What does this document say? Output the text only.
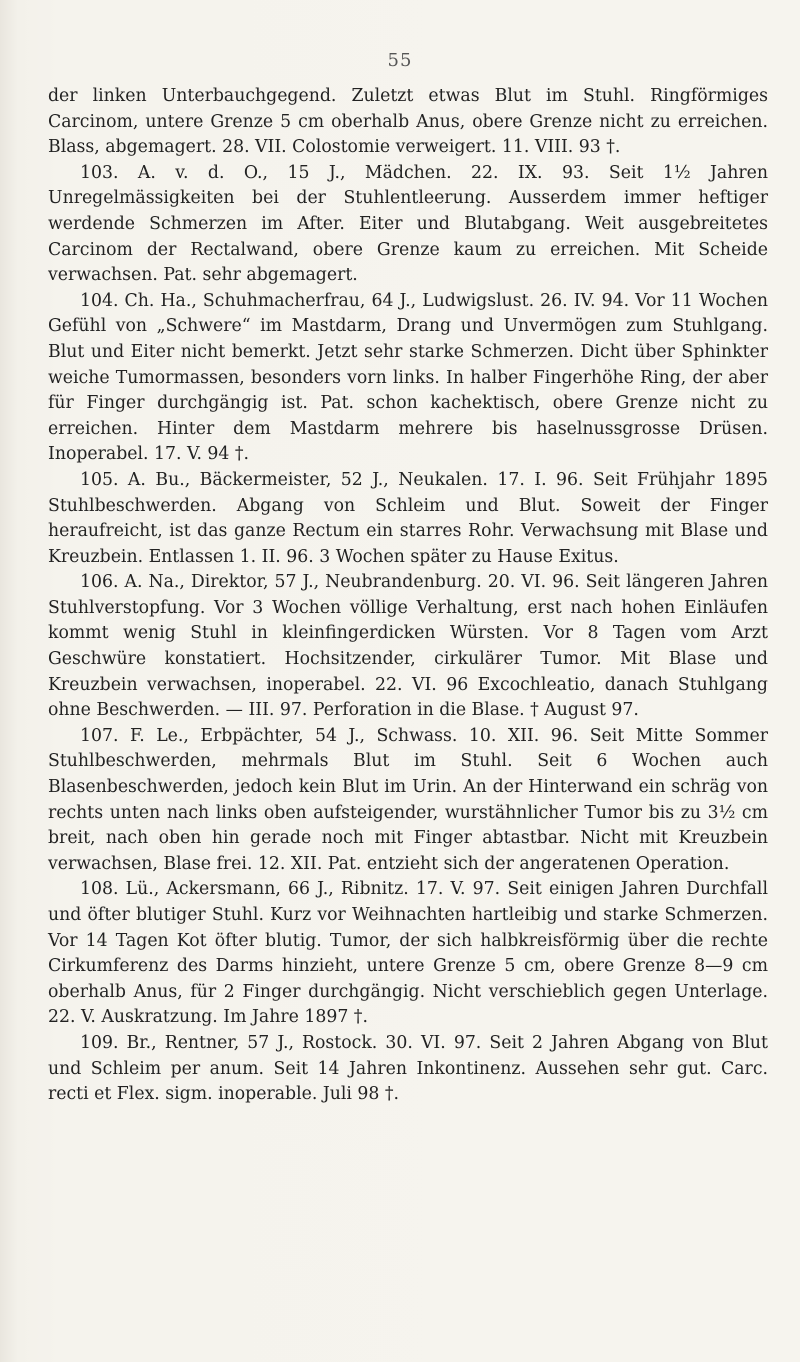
55

der linken Unterbauchgegend. Zuletzt etwas Blut im Stuhl. Ringförmiges Carcinom, untere Grenze 5 cm oberhalb Anus, obere Grenze nicht zu erreichen. Blass, abgemagert. 28. VII. Colostomie verweigert. 11. VIII. 93 †.

103. A. v. d. O., 15 J., Mädchen. 22. IX. 93. Seit 1½ Jahren Unregelmässigkeiten bei der Stuhlentleerung. Ausserdem immer heftiger werdende Schmerzen im After. Eiter und Blutabgang. Weit ausgebreitetes Carcinom der Rectalwand, obere Grenze kaum zu erreichen. Mit Scheide verwachsen. Pat. sehr abgemagert.

104. Ch. Ha., Schuhmacherfrau, 64 J., Ludwigslust. 26. IV. 94. Vor 11 Wochen Gefühl von „Schwere“ im Mastdarm, Drang und Unvermögen zum Stuhlgang. Blut und Eiter nicht bemerkt. Jetzt sehr starke Schmerzen. Dicht über Sphinkter weiche Tumormassen, besonders vorn links. In halber Fingerhöhe Ring, der aber für Finger durchgängig ist. Pat. schon kachektisch, obere Grenze nicht zu erreichen. Hinter dem Mastdarm mehrere bis haselnussgrosse Drüsen. Inoperabel. 17. V. 94 †.

105. A. Bu., Bäckermeister, 52 J., Neukalen. 17. I. 96. Seit Frühjahr 1895 Stuhlbeschwerden. Abgang von Schleim und Blut. Soweit der Finger heraufreicht, ist das ganze Rectum ein starres Rohr. Verwachsung mit Blase und Kreuzbein. Entlassen 1. II. 96. 3 Wochen später zu Hause Exitus.

106. A. Na., Direktor, 57 J., Neubrandenburg. 20. VI. 96. Seit längeren Jahren Stuhlverstopfung. Vor 3 Wochen völlige Verhaltung, erst nach hohen Einläufen kommt wenig Stuhl in kleinfingerdicken Würsten. Vor 8 Tagen vom Arzt Geschwüre konstatiert. Hochsitzender, cirkulärer Tumor. Mit Blase und Kreuzbein verwachsen, inoperabel. 22. VI. 96 Excochleatio, danach Stuhlgang ohne Beschwerden. — III. 97. Perforation in die Blase. † August 97.

107. F. Le., Erbpächter, 54 J., Schwass. 10. XII. 96. Seit Mitte Sommer Stuhlbeschwerden, mehrmals Blut im Stuhl. Seit 6 Wochen auch Blasenbeschwerden, jedoch kein Blut im Urin. An der Hinterwand ein schräg von rechts unten nach links oben aufsteigender, wurstähnlicher Tumor bis zu 3½ cm breit, nach oben hin gerade noch mit Finger abtastbar. Nicht mit Kreuzbein verwachsen, Blase frei. 12. XII. Pat. entzieht sich der angeratenen Operation.

108. Lü., Ackersmann, 66 J., Ribnitz. 17. V. 97. Seit einigen Jahren Durchfall und öfter blutiger Stuhl. Kurz vor Weihnachten hartleibig und starke Schmerzen. Vor 14 Tagen Kot öfter blutig. Tumor, der sich halbkreisförmig über die rechte Cirkumferenz des Darms hinzieht, untere Grenze 5 cm, obere Grenze 8—9 cm oberhalb Anus, für 2 Finger durchgängig. Nicht verschieblich gegen Unterlage. 22. V. Auskratzung. Im Jahre 1897 †.

109. Br., Rentner, 57 J., Rostock. 30. VI. 97. Seit 2 Jahren Abgang von Blut und Schleim per anum. Seit 14 Jahren Inkontinenz. Aussehen sehr gut. Carc. recti et Flex. sigm. inoperable. Juli 98 †.
